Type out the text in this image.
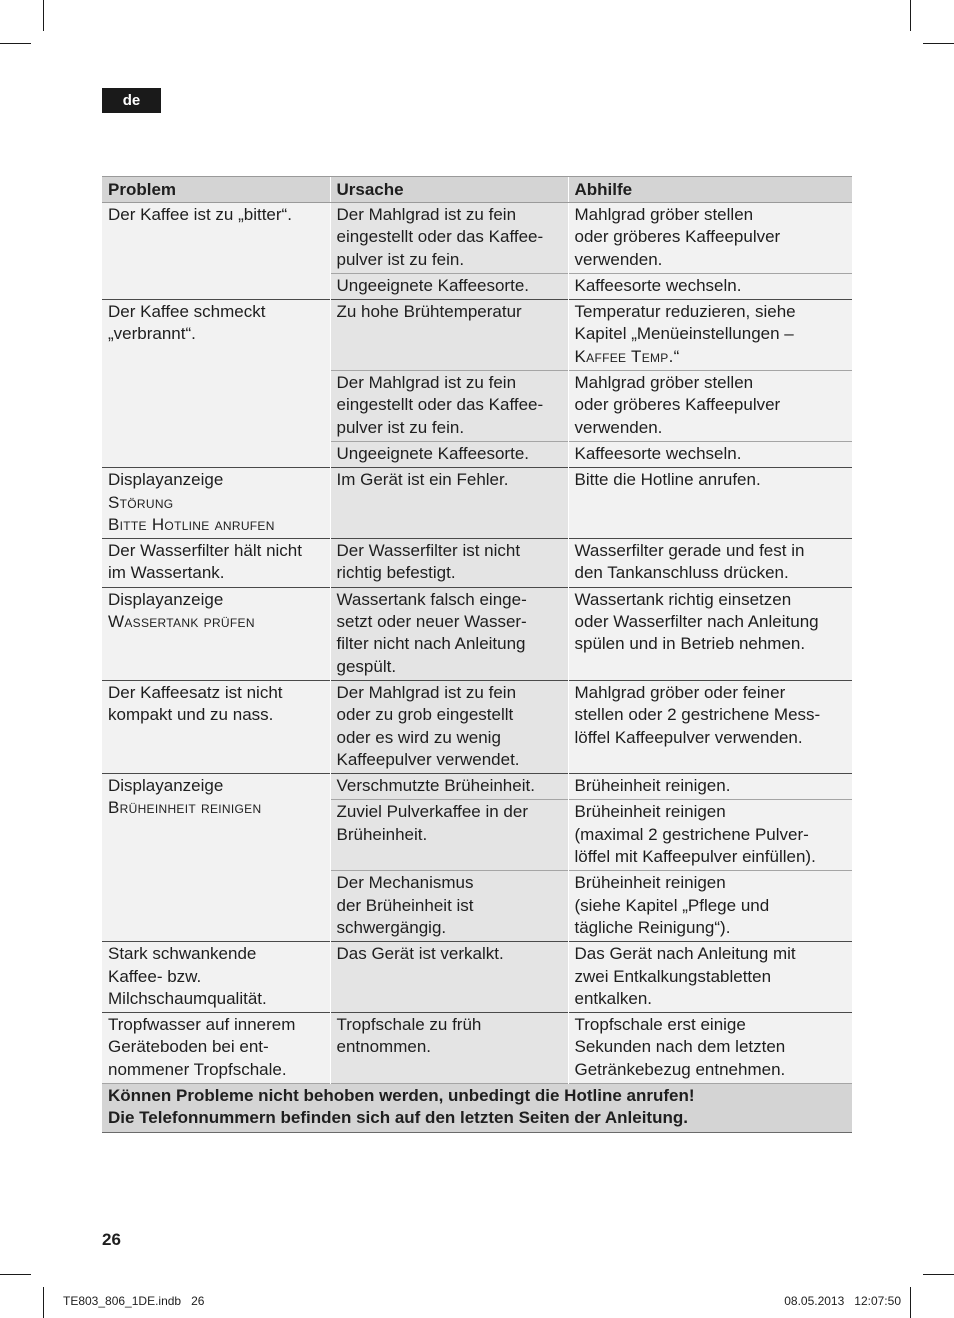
de
Problem	Ursache	Abhilfe

Der Kaffee ist zu „bitter“.	Der Mahlgrad ist zu fein
eingestellt oder das Kaffee-
pulver ist zu fein.	Mahlgrad gröber stellen
oder gröberes Kaffeepulver
verwenden.

	Ungeeignete Kaffeesorte.	Kaffeesorte wechseln.

Der Kaffee schmeckt
„verbrannt“.	Zu hohe Brühtemperatur	Temperatur reduzieren, siehe
Kapitel „Menüeinstellungen –
Kaffee Temp.“

	Der Mahlgrad ist zu fein
eingestellt oder das Kaffee-
pulver ist zu fein.	Mahlgrad gröber stellen
oder gröberes Kaffeepulver
verwenden.

	Ungeeignete Kaffeesorte.	Kaffeesorte wechseln.

Displayanzeige
Störung
Bitte Hotline anrufen	Im Gerät ist ein Fehler.	Bitte die Hotline anrufen.

Der Wasserfilter hält nicht
im Wassertank.	Der Wasserfilter ist nicht
richtig befestigt.	Wasserfilter gerade und fest in
den Tankanschluss drücken.

Displayanzeige
Wassertank prüfen	Wassertank falsch einge-
setzt oder neuer Wasser-
filter nicht nach Anleitung
gespült.	Wassertank richtig einsetzen
oder Wasserfilter nach Anleitung
spülen und in Betrieb nehmen.

Der Kaffeesatz ist nicht
kompakt und zu nass.	Der Mahlgrad ist zu fein
oder zu grob eingestellt
oder es wird zu wenig
Kaffeepulver verwendet.	Mahlgrad gröber oder feiner
stellen oder 2 gestrichene Mess-
löffel Kaffeepulver verwenden.

Displayanzeige
Brüheinheit reinigen	Verschmutzte Brüheinheit.	Brüheinheit reinigen.

	Zuviel Pulverkaffee in der
Brüheinheit.	Brüheinheit reinigen
(maximal 2 gestrichene Pulver-
löffel mit Kaffeepulver einfüllen).

	Der Mechanismus
der Brüheinheit ist
schwergängig.	Brüheinheit reinigen
(siehe Kapitel „Pflege und
tägliche Reinigung“).

Stark schwankende
Kaffee- bzw.
Milchschaumqualität.	Das Gerät ist verkalkt.	Das Gerät nach Anleitung mit
zwei Entkalkungstabletten
entkalken.

Tropfwasser auf innerem
Geräteboden bei ent-
nommener Tropfschale.	Tropfschale zu früh
entnommen.	Tropfschale erst einige
Sekunden nach dem letzten
Getränkebezug entnehmen.

Können Probleme nicht behoben werden, unbedingt die Hotline anrufen!
Die Telefonnummern befinden sich auf den letzten Seiten der Anleitung.		
26
TE803_806_1DE.indb   26	08.05.2013   12:07:50
